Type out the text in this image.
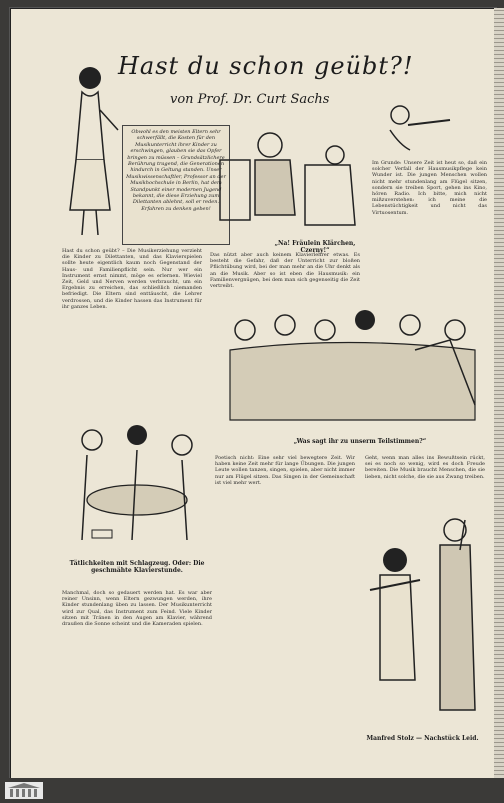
Hast du schon geübt?!
von Prof. Dr. Curt Sachs
Obwohl es den meisten Eltern sehr schwerfällt, die Kosten für den Musikunterricht ihrer Kinder zu erschwingen, glauben sie das Opfer bringen zu müssen – Grundsätzlichere Berührung tragend, die Generationen hindurch in Geltung standen. Unser Musikwissenschaftler, Professor an der Musikhochschule in Berlin, hat dem Standpunkt einer modernen Jugend bekannt, die diese Erziehung zum Dilettanten ablehnt, soll er reden. Erfahren zu denken geben!
„Na! Fräulein Klärchen, Czerny!“

Hast du schon geübt? – Die Musikerziehung verzieht die Kinder zu Dilettanten, und das Klavierspielen sollte heute eigentlich kaum noch Gegenstand der Haus- und Familienpflicht sein. Nur wer ein Instrument ernst nimmt, möge es erlernen. Wieviel Zeit, Geld und Nerven werden verbraucht, um ein Ergebnis zu erreichen, das schließlich niemanden befriedigt. Die Eltern sind enttäuscht, die Lehrer verdrossen, und die Kinder hassen das Instrument für ihr ganzes Leben.

Das nützt aber auch keinem Klavierlehrer etwas. Es besteht die Gefahr, daß der Unterricht zur bloßen Pflichtübung wird, bei der man mehr an die Uhr denkt als an die Musik. Aber so ist eben die Hausmusik: ein Familienvergnügen, bei dem man sich gegenseitig die Zeit vertreibt.

Im Grunde: Unsere Zeit ist heut so, daß ein solcher Verfall der Hausmusikpflege kein Wunder ist. Die jungen Menschen wollen nicht mehr stundenlang am Flügel sitzen, sondern sie treiben Sport, gehen ins Kino, hören Radio. Ich bitte, mich nicht mißzuverstehen: ich meine die Lebenstüchtigkeit und nicht das Virtuosentum.

„Was sagt ihr zu unserm Teilstimmen?“
Tätlichkeiten mit Schlagzeug. Oder: Die geschmähte Klavierstunde.

Manchmal, doch so gedauert werden hat. Es war aber reiner Unsinn, wenn Eltern gezwungen werden, ihre Kinder stundenlang üben zu lassen. Der Musikunterricht wird zur Qual, das Instrument zum Feind. Viele Kinder sitzen mit Tränen in den Augen am Klavier, während draußen die Sonne scheint und die Kameraden spielen.

Poetisch nicht: Eine sehr viel bewegtere Zeit. Wir haben keine Zeit mehr für lange Übungen. Die jungen Leute wollen tanzen, singen, spielen, aber nicht immer nur am Flügel sitzen. Das Singen in der Gemeinschaft ist viel mehr wert.

Geht, wenn man alles ins Bewußtsein rückt, sei es noch so wenig, wird es doch Freude bereiten. Die Musik braucht Menschen, die sie lieben, nicht solche, die sie aus Zwang treiben.

Manfred Stolz — Nachstück Leid.
